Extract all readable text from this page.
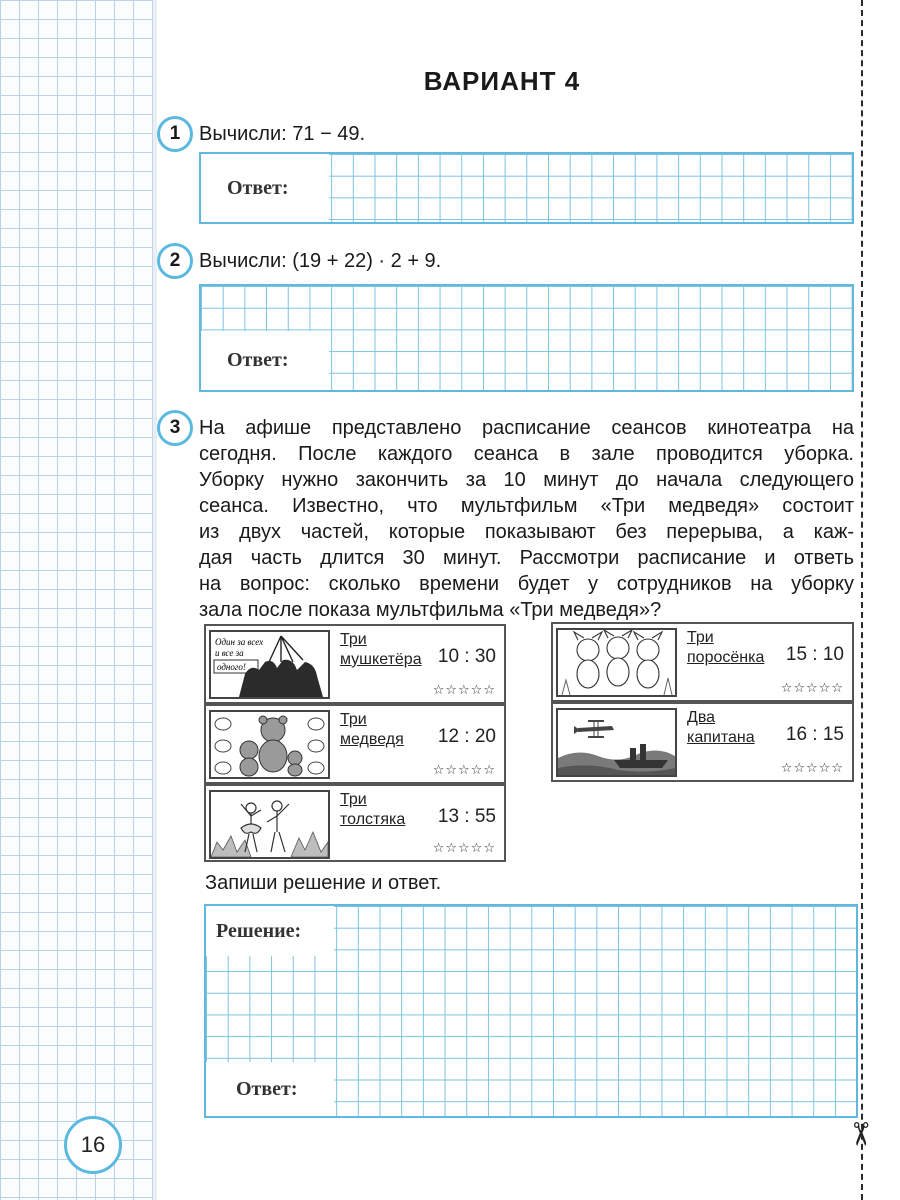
✂
16
ВАРИАНТ 4
1 Вычисли: 71 − 49.
Ответ:
2 Вычисли: (19 + 22) · 2 + 9.
Ответ:
3 На афише представлено расписание сеансов кинотеатра на
сегодня. После каждого сеанса в зале проводится уборка.
Уборку нужно закончить за 10 минут до начала следующего
сеанса. Известно, что мультфильм «Три медведя» состоит
из двух частей, которые показывают без перерыва, а каж-
дая часть длится 30 минут. Рассмотри расписание и ответь
на вопрос: сколько времени будет у сотрудников на уборку
зала после показа мультфильма «Три медведя»?
Один за всех
и все за
одного!
Три
мушкетёра 10 : 30
☆☆☆☆☆
Три
медведя 12 : 20
☆☆☆☆☆
Три
толстяка 13 : 55
☆☆☆☆☆
Три
поросёнка 15 : 10
☆☆☆☆☆
Два
капитана 16 : 15
☆☆☆☆☆
Запиши решение и ответ.
Решение:
Ответ:
